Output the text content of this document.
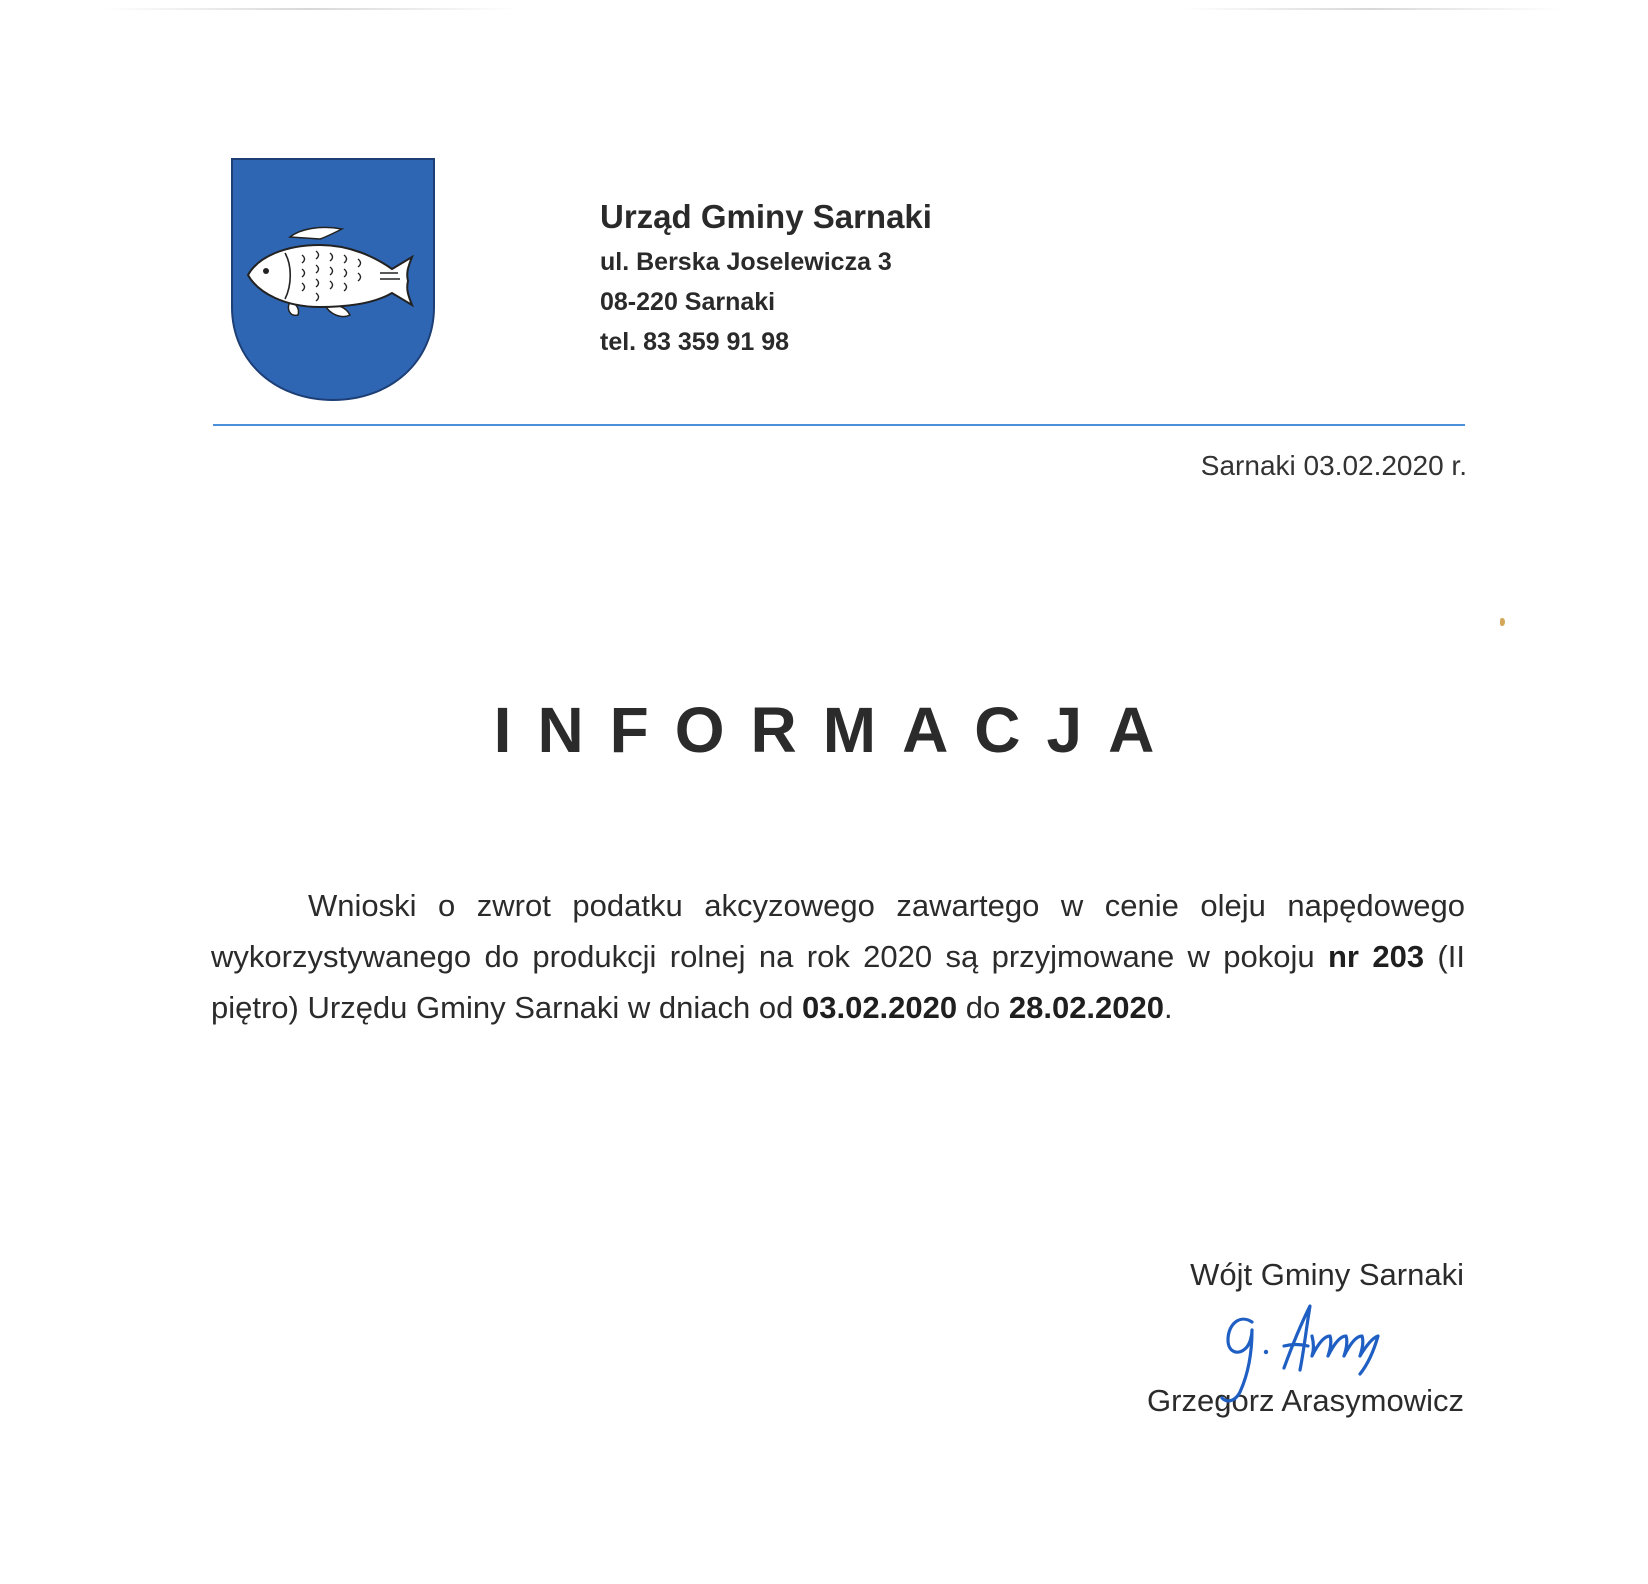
Urząd Gminy Sarnaki
ul. Berska Joselewicza 3
08-220 Sarnaki
tel. 83 359 91 98
Sarnaki 03.02.2020 r.
INFORMACJA
Wnioski o zwrot podatku akcyzowego zawartego w cenie oleju napędowego wykorzystywanego do produkcji rolnej na rok 2020 są przyjmowane w pokoju nr 203 (II piętro) Urzędu Gminy Sarnaki w dniach od 03.02.2020 do 28.02.2020.
Wójt Gminy Sarnaki
Grzegorz Arasymowicz
